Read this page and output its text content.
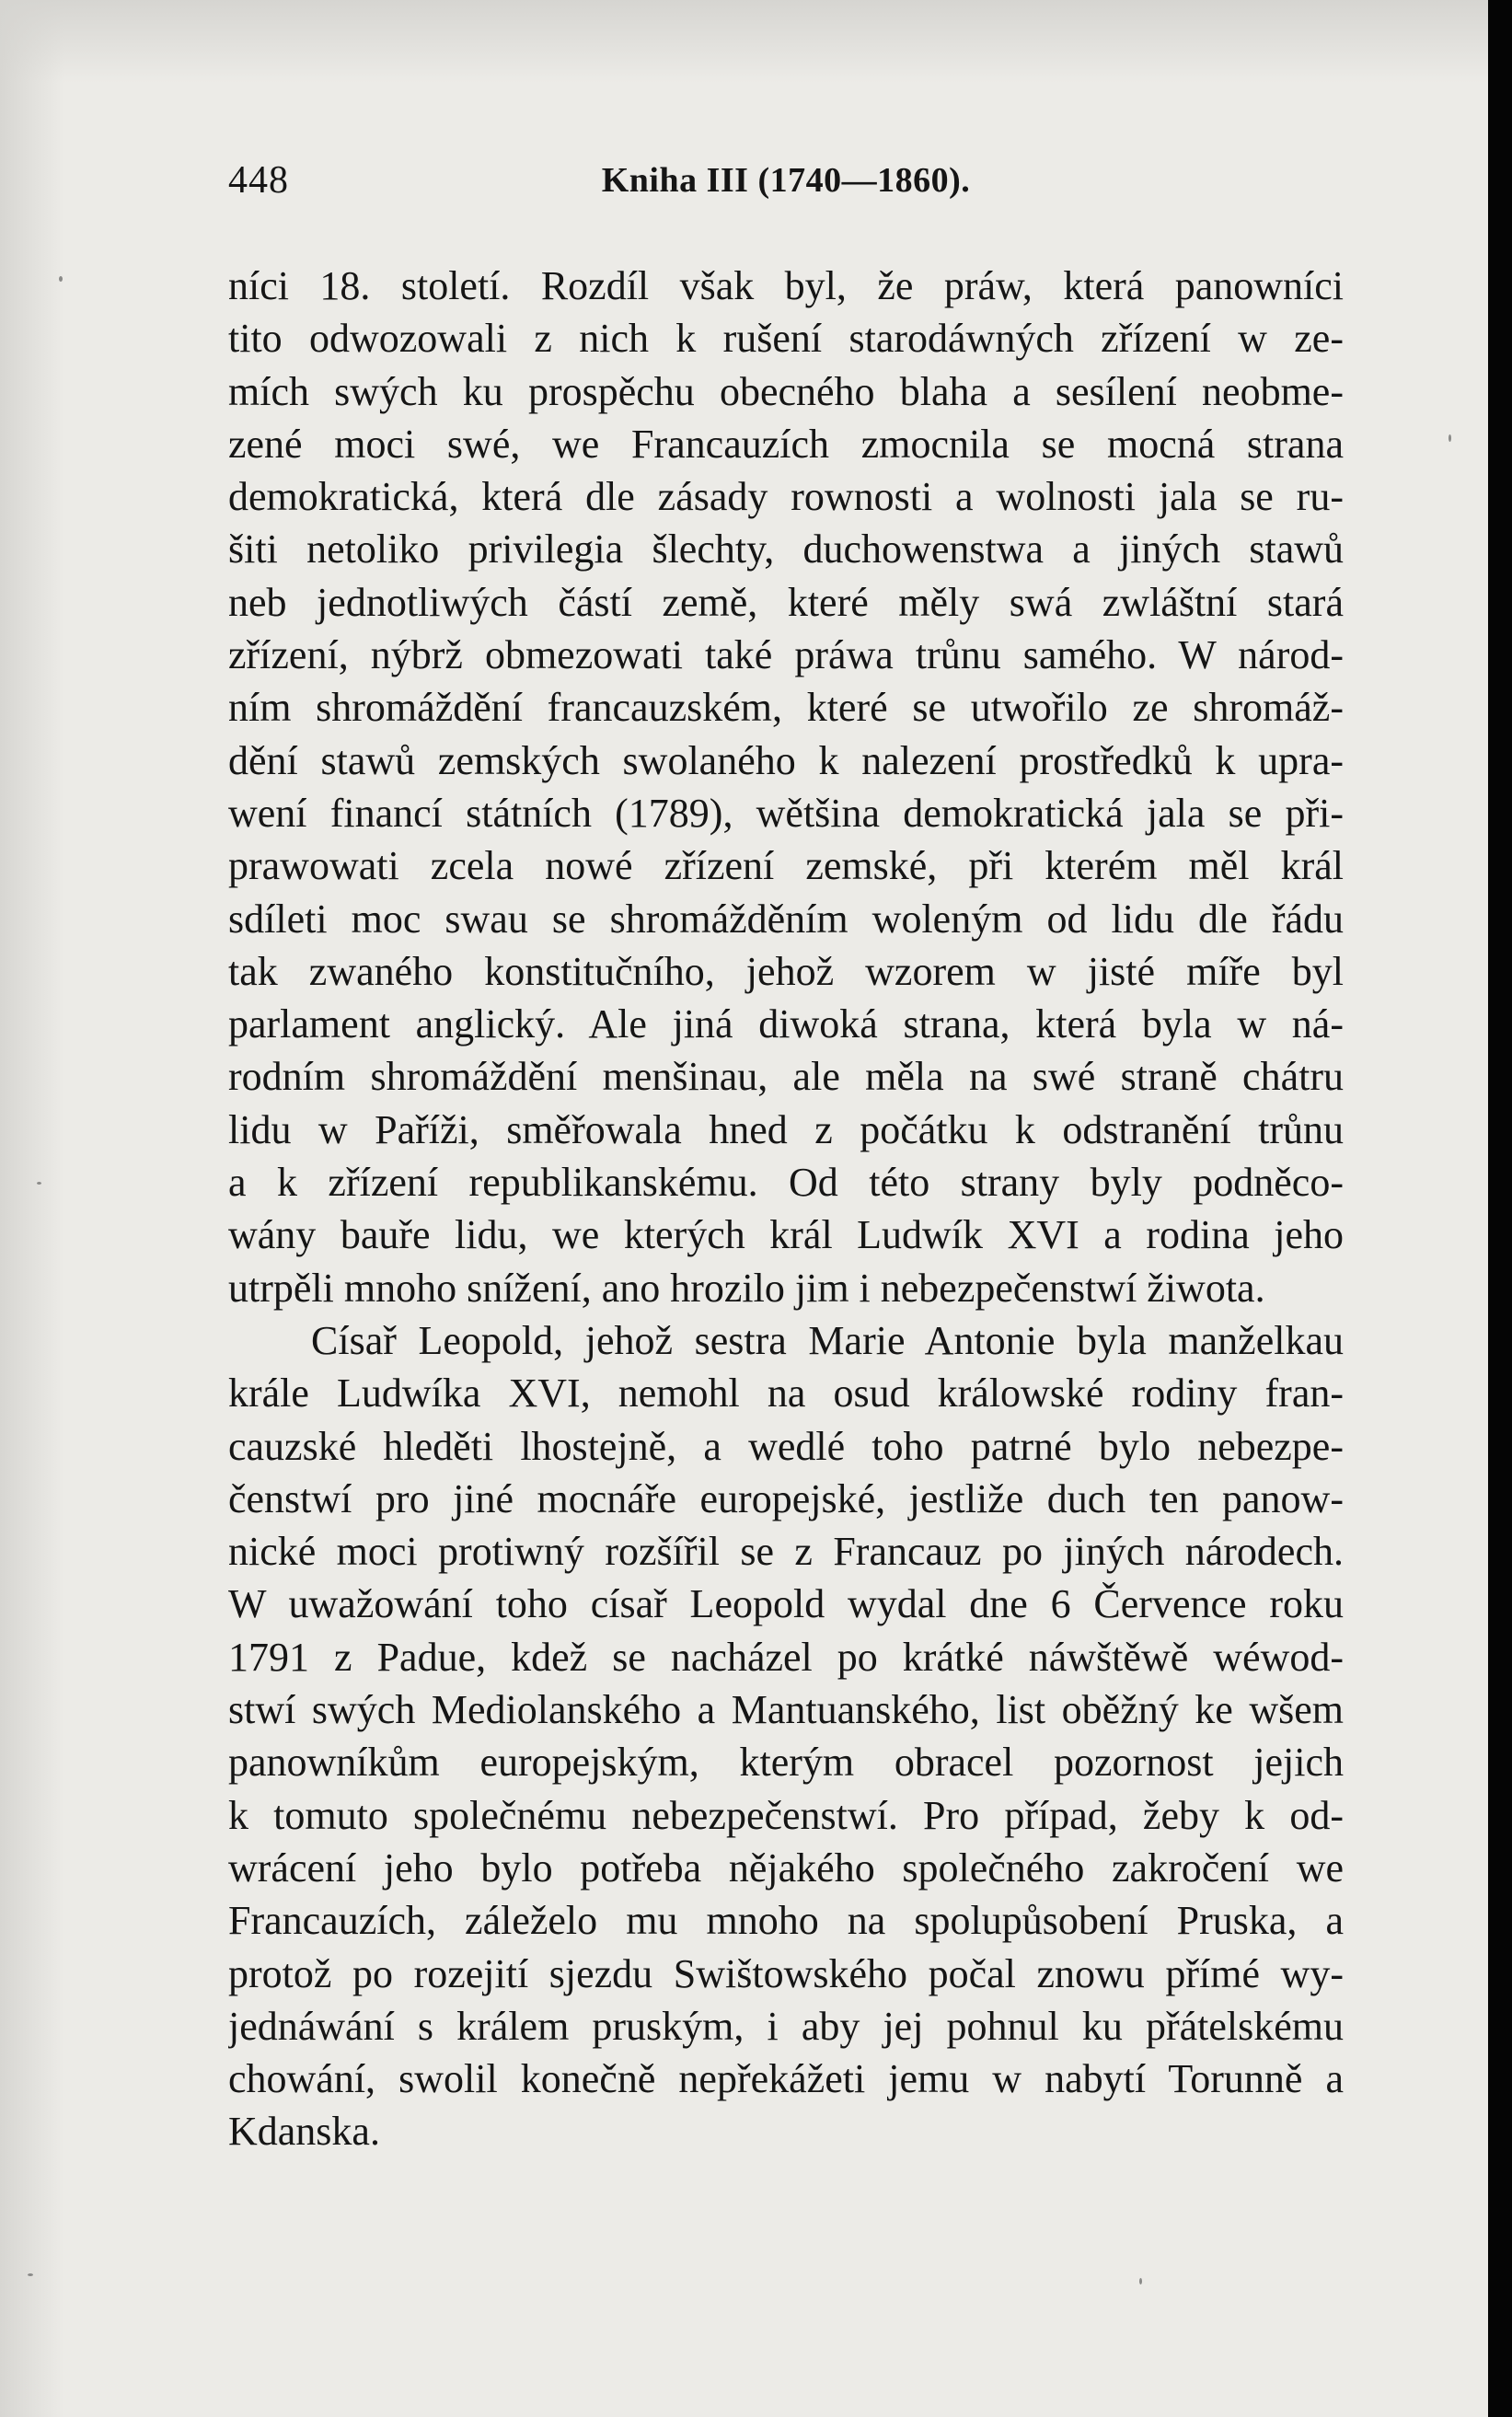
448	Kniha III (1740—1860).
níci 18. století. Rozdíl však byl, že práw, která panowníci
tito odwozowali z nich k rušení starodáwných zřízení w ze-
mích swých ku prospěchu obecného blaha a sesílení neobme-
zené moci swé, we Francauzích zmocnila se mocná strana
demokratická, která dle zásady rownosti a wolnosti jala se ru-
šiti netoliko privilegia šlechty, duchowenstwa a jiných stawů
neb jednotliwých částí země, které měly swá zwláštní stará
zřízení, nýbrž obmezowati také práwa trůnu samého. W národ-
ním shromáždění francauzském, které se utwořilo ze shromáž-
dění stawů zemských swolaného k nalezení prostředků k upra-
wení financí státních (1789), wětšina demokratická jala se při-
prawowati zcela nowé zřízení zemské, při kterém měl král
sdíleti moc swau se shromážděním woleným od lidu dle řádu
tak zwaného konstitučního, jehož wzorem w jisté míře byl
parlament anglický. Ale jiná diwoká strana, která byla w ná-
rodním shromáždění menšinau, ale měla na swé straně chátru
lidu w Paříži, směřowala hned z počátku k odstranění trůnu
a k zřízení republikanskému. Od této strany byly podněco-
wány bauře lidu, we kterých král Ludwík XVI a rodina jeho
utrpěli mnoho snížení, ano hrozilo jim i nebezpečenstwí žiwota.
Císař Leopold, jehož sestra Marie Antonie byla manželkau
krále Ludwíka XVI, nemohl na osud králowské rodiny fran-
cauzské hleděti lhostejně, a wedlé toho patrné bylo nebezpe-
čenstwí pro jiné mocnáře europejské, jestliže duch ten panow-
nické moci protiwný rozšířil se z Francauz po jiných národech.
W uwažowání toho císař Leopold wydal dne 6 Července roku
1791 z Padue, kdež se nacházel po krátké náwštěwě wéwod-
stwí swých Mediolanského a Mantuanského, list oběžný ke wšem
panowníkům europejským, kterým obracel pozornost jejich
k tomuto společnému nebezpečenstwí. Pro případ, žeby k od-
wrácení jeho bylo potřeba nějakého společného zakročení we
Francauzích, záleželo mu mnoho na spolupůsobení Pruska, a
protož po rozejití sjezdu Swištowského počal znowu přímé wy-
jednáwání s králem pruským, i aby jej pohnul ku přátelskému
chowání, swolil konečně nepřekážeti jemu w nabytí Torunně a
Kdanska.
